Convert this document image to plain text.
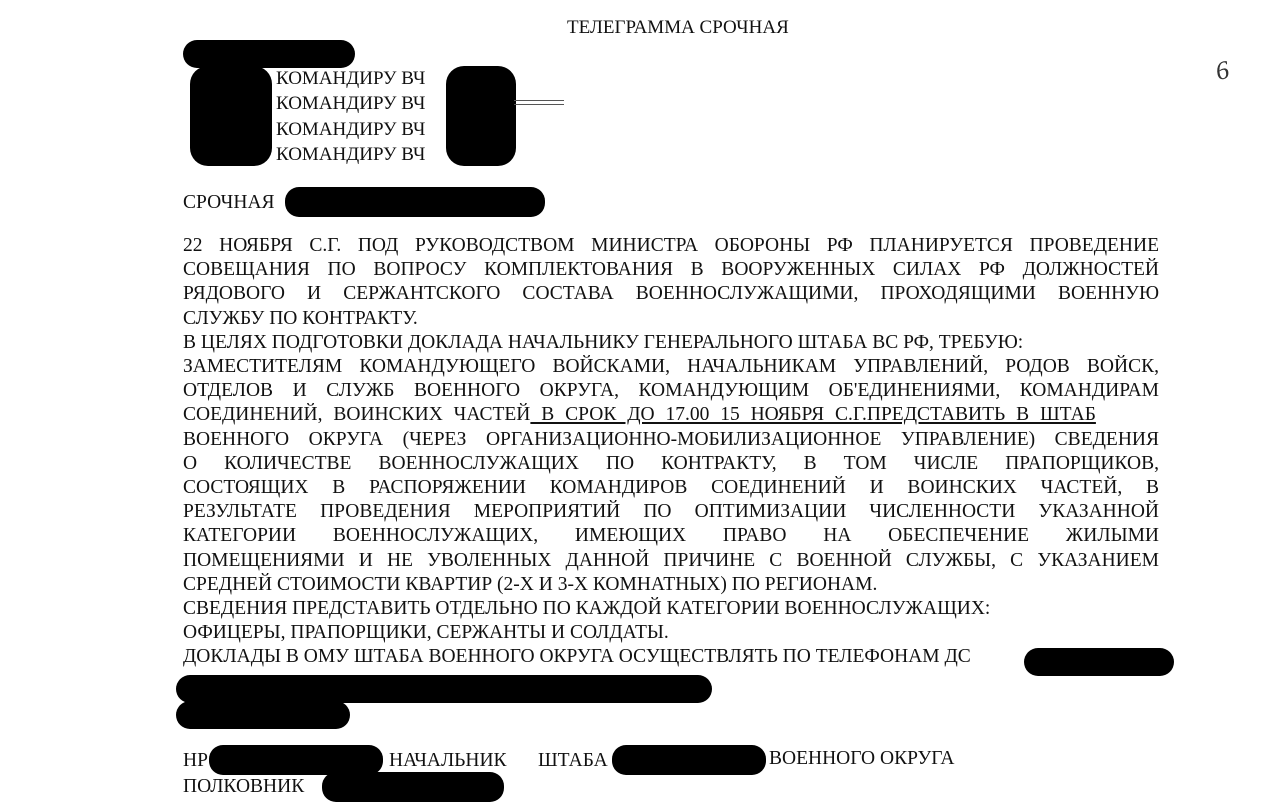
ТЕЛЕГРАММА СРОЧНАЯ
6
КОМАНДИРУ ВЧ
КОМАНДИРУ ВЧ
КОМАНДИРУ ВЧ
КОМАНДИРУ ВЧ
СРОЧНАЯ
22 НОЯБРЯ С.Г. ПОД РУКОВОДСТВОМ МИНИСТРА ОБОРОНЫ РФ ПЛАНИРУЕТСЯ ПРОВЕДЕНИЕ
СОВЕЩАНИЯ ПО ВОПРОСУ КОМПЛЕКТОВАНИЯ В ВООРУЖЕННЫХ СИЛАХ РФ ДОЛЖНОСТЕЙ
РЯДОВОГО И СЕРЖАНТСКОГО СОСТАВА ВОЕННОСЛУЖАЩИМИ, ПРОХОДЯЩИМИ ВОЕННУЮ
СЛУЖБУ ПО КОНТРАКТУ.
В ЦЕЛЯХ ПОДГОТОВКИ ДОКЛАДА НАЧАЛЬНИКУ ГЕНЕРАЛЬНОГО ШТАБА ВС РФ, ТРЕБУЮ:
ЗАМЕСТИТЕЛЯМ КОМАНДУЮЩЕГО ВОЙСКАМИ, НАЧАЛЬНИКАМ УПРАВЛЕНИЙ, РОДОВ ВОЙСК,
ОТДЕЛОВ И СЛУЖБ ВОЕННОГО ОКРУГА, КОМАНДУЮЩИМ ОБ'ЕДИНЕНИЯМИ, КОМАНДИРАМ
СОЕДИНЕНИЙ, ВОИНСКИХ ЧАСТЕЙ В СРОК ДО 17.00 15 НОЯБРЯ С.Г.ПРЕДСТАВИТЬ В ШТАБ
ВОЕННОГО ОКРУГА (ЧЕРЕЗ ОРГАНИЗАЦИОННО-МОБИЛИЗАЦИОННОЕ УПРАВЛЕНИЕ) СВЕДЕНИЯ
О КОЛИЧЕСТВЕ ВОЕННОСЛУЖАЩИХ ПО КОНТРАКТУ, В ТОМ ЧИСЛЕ ПРАПОРЩИКОВ,
СОСТОЯЩИХ В РАСПОРЯЖЕНИИ КОМАНДИРОВ СОЕДИНЕНИЙ И ВОИНСКИХ ЧАСТЕЙ, В
РЕЗУЛЬТАТЕ ПРОВЕДЕНИЯ МЕРОПРИЯТИЙ ПО ОПТИМИЗАЦИИ ЧИСЛЕННОСТИ УКАЗАННОЙ
КАТЕГОРИИ ВОЕННОСЛУЖАЩИХ, ИМЕЮЩИХ ПРАВО НА ОБЕСПЕЧЕНИЕ ЖИЛЫМИ
ПОМЕЩЕНИЯМИ И НЕ УВОЛЕННЫХ ДАННОЙ ПРИЧИНЕ С ВОЕННОЙ СЛУЖБЫ, С УКАЗАНИЕМ
СРЕДНЕЙ СТОИМОСТИ КВАРТИР (2-Х И 3-Х КОМНАТНЫХ) ПО РЕГИОНАМ.
СВЕДЕНИЯ ПРЕДСТАВИТЬ ОТДЕЛЬНО ПО КАЖДОЙ КАТЕГОРИИ ВОЕННОСЛУЖАЩИХ:
ОФИЦЕРЫ, ПРАПОРЩИКИ, СЕРЖАНТЫ И СОЛДАТЫ.
ДОКЛАДЫ В ОМУ ШТАБА ВОЕННОГО ОКРУГА ОСУЩЕСТВЛЯТЬ ПО ТЕЛЕФОНАМ ДС
НР	НАЧАЛЬНИК ШТАБА	ВОЕННОГО ОКРУГА
ПОЛКОВНИК
